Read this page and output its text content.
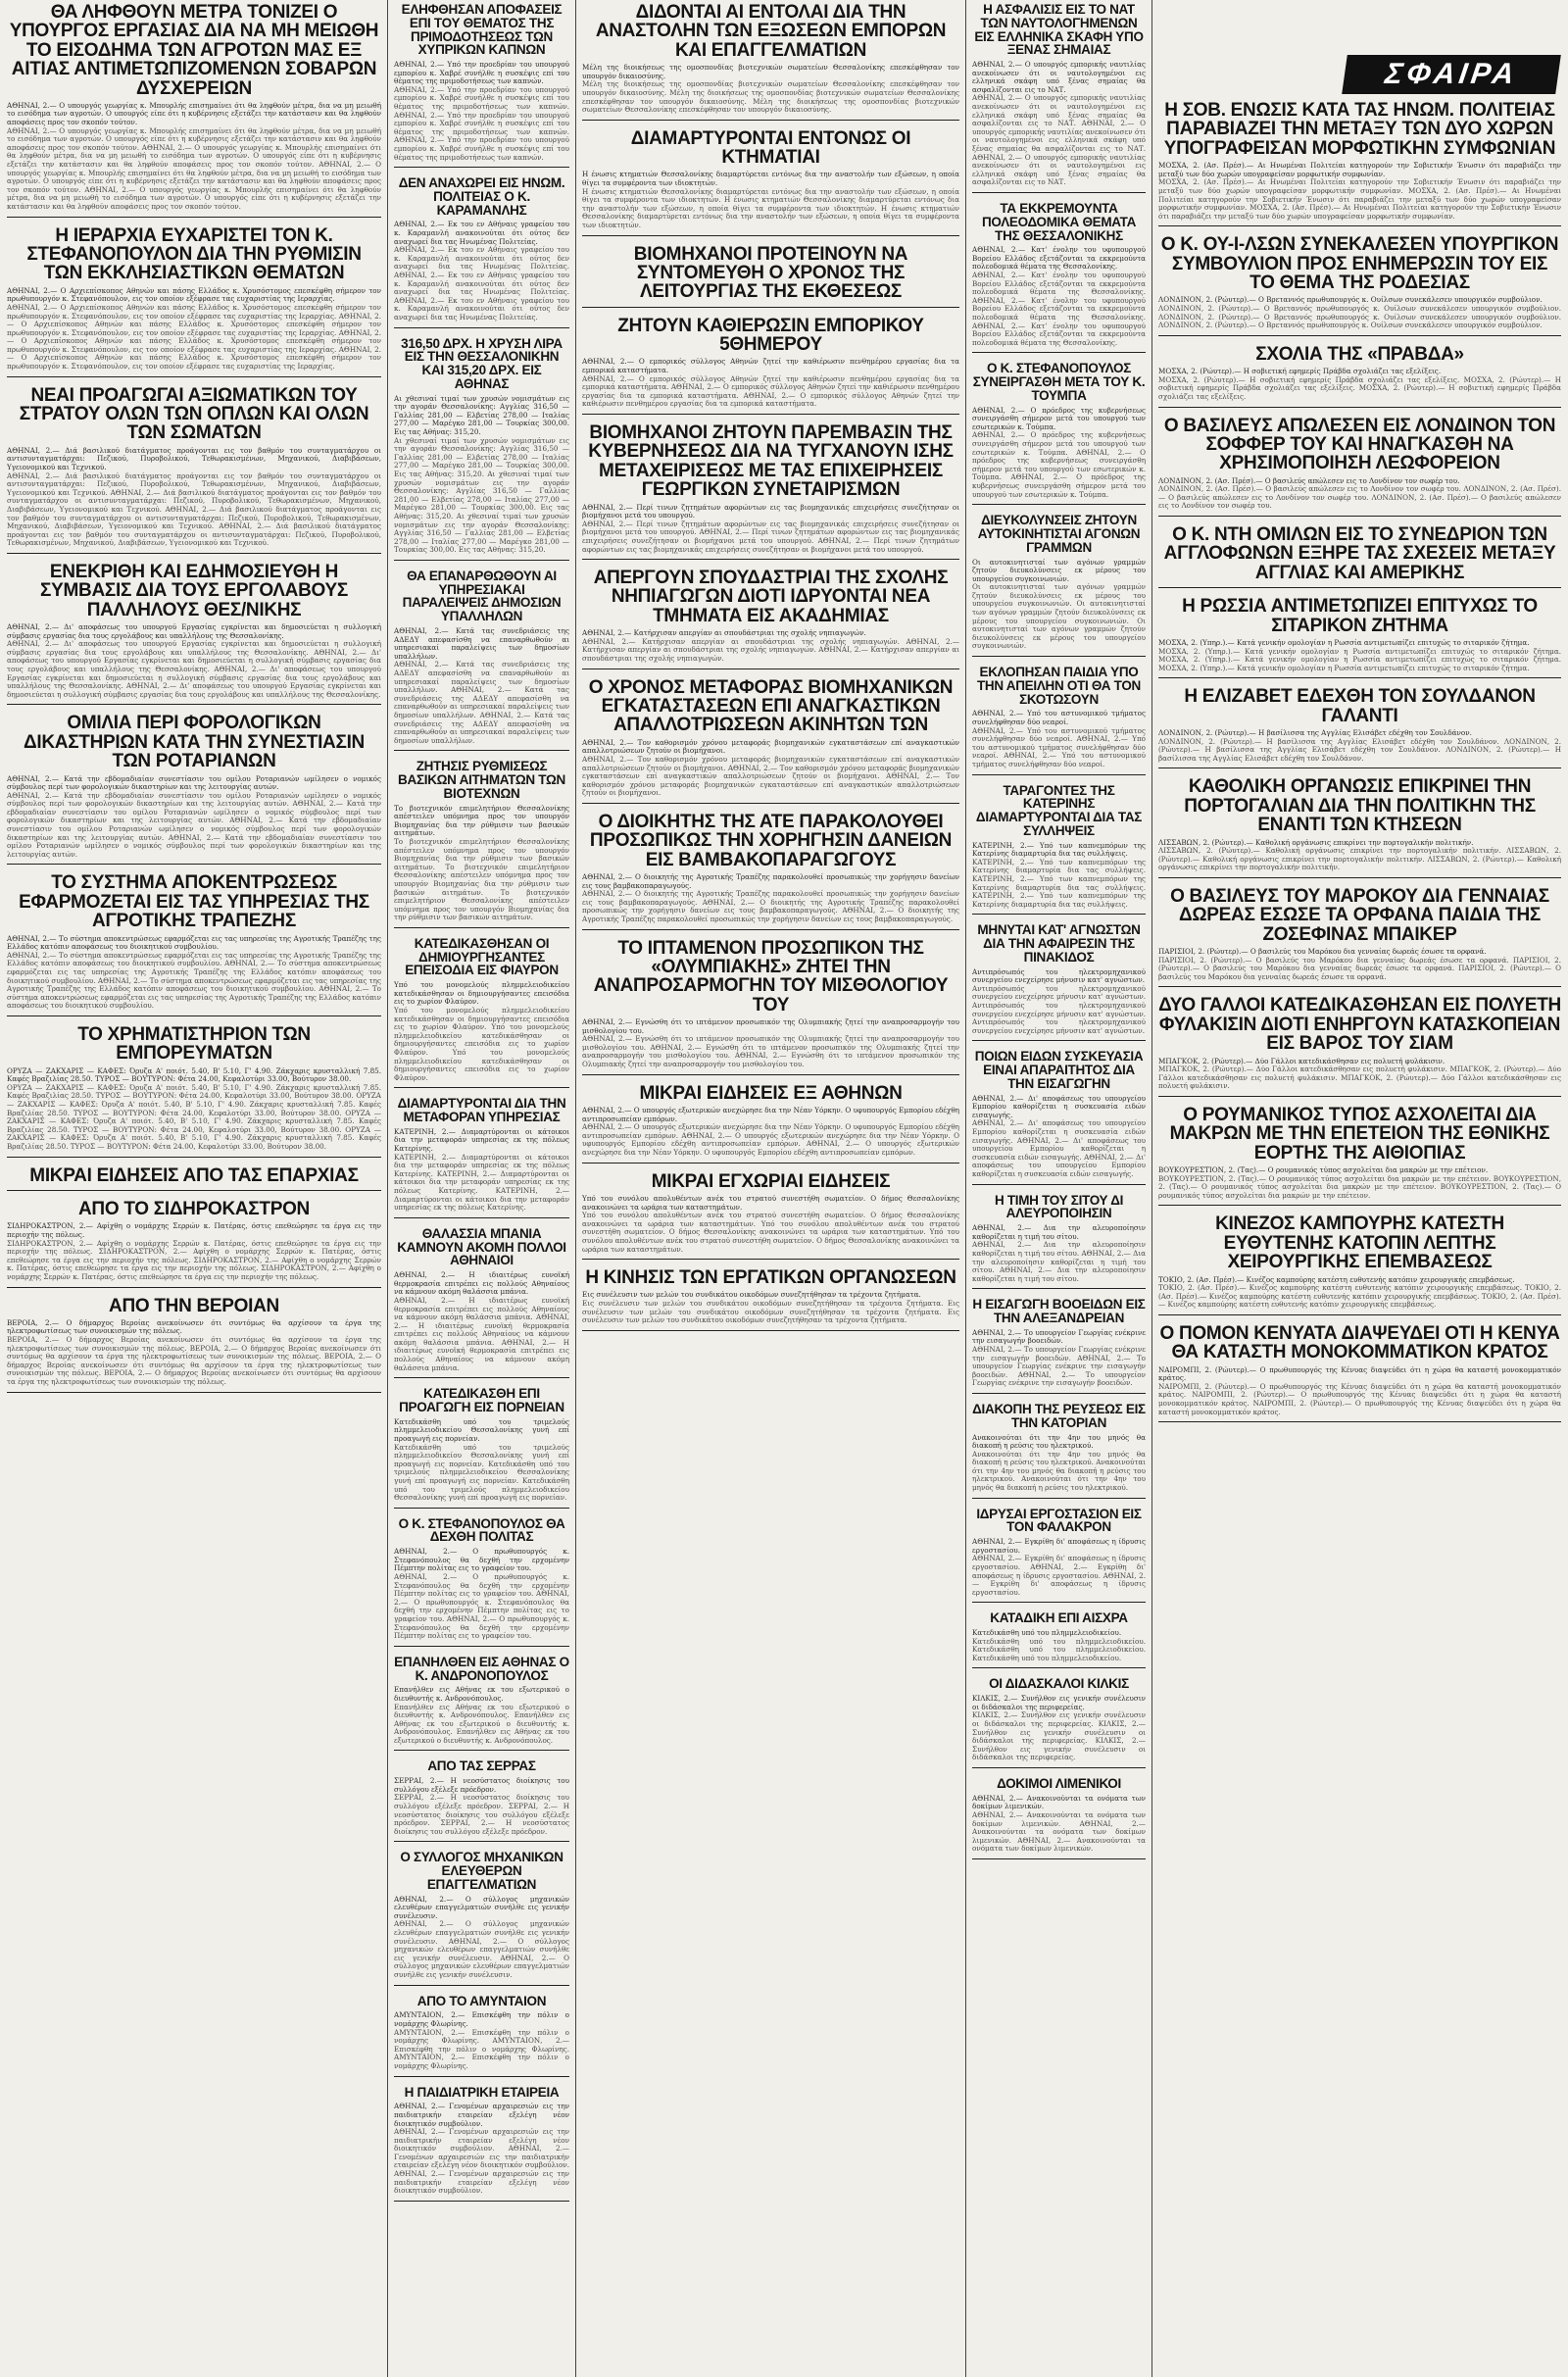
ΣΦΑΙΡΑ
ΘΑ ΛΗΦΘΟΥΝ ΜΕΤΡΑ ΤΟΝΙΖΕΙ Ο ΥΠΟΥΡΓΟΣ ΕΡΓΑΣΙΑΣ ΔΙΑ ΝΑ ΜΗ ΜΕΙΩΘΗ ΤΟ ΕΙΣΟΔΗΜΑ ΤΩΝ ΑΓΡΟΤΩΝ ΜΑΣ ΕΞ ΑΙΤΙΑΣ ΑΝΤΙΜΕΤΩΠΙΖΟΜΕΝΩΝ ΣΟΒΑΡΩΝ ΔΥΣΧΕΡΕΙΩΝ
ΑΘΗΝΑΙ, 2.— Ο υπουργός γεωργίας κ. Μπουρλής επισημαίνει ότι θα ληφθούν μέτρα, δια να μη μειωθή το εισόδημα των αγροτών. Ο υπουργός είπε ότι η κυβέρνησις εξετάζει την κατάστασιν και θα ληφθούν αποφάσεις προς τον σκοπόν τούτον.
ΑΘΗΝΑΙ, 2.— Ο υπουργός γεωργίας κ. Μπουρλής επισημαίνει ότι θα ληφθούν μέτρα, δια να μη μειωθή το εισόδημα των αγροτών. Ο υπουργός είπε ότι η κυβέρνησις εξετάζει την κατάστασιν και θα ληφθούν αποφάσεις προς τον σκοπόν τούτον. ΑΘΗΝΑΙ, 2.— Ο υπουργός γεωργίας κ. Μπουρλής επισημαίνει ότι θα ληφθούν μέτρα, δια να μη μειωθή το εισόδημα των αγροτών. Ο υπουργός είπε ότι η κυβέρνησις εξετάζει την κατάστασιν και θα ληφθούν αποφάσεις προς τον σκοπόν τούτον. ΑΘΗΝΑΙ, 2.— Ο υπουργός γεωργίας κ. Μπουρλής επισημαίνει ότι θα ληφθούν μέτρα, δια να μη μειωθή το εισόδημα των αγροτών. Ο υπουργός είπε ότι η κυβέρνησις εξετάζει την κατάστασιν και θα ληφθούν αποφάσεις προς τον σκοπόν τούτον. ΑΘΗΝΑΙ, 2.— Ο υπουργός γεωργίας κ. Μπουρλής επισημαίνει ότι θα ληφθούν μέτρα, δια να μη μειωθή το εισόδημα των αγροτών. Ο υπουργός είπε ότι η κυβέρνησις εξετάζει την κατάστασιν και θα ληφθούν αποφάσεις προς τον σκοπόν τούτον.
Η ΙΕΡΑΡΧΙΑ ΕΥΧΑΡΙΣΤΕΙ ΤΟΝ Κ. ΣΤΕΦΑΝΟΠΟΥΛΟΝ ΔΙΑ ΤΗΝ ΡΥΘΜΙΣΙΝ ΤΩΝ ΕΚΚΛΗΣΙΑΣΤΙΚΩΝ ΘΕΜΑΤΩΝ
ΑΘΗΝΑΙ, 2.— Ο Αρχιεπίσκοπος Αθηνών και πάσης Ελλάδος κ. Χρυσόστομος επεσκέφθη σήμερον τον πρωθυπουργόν κ. Στεφανόπουλον, εις τον οποίον εξέφρασε τας ευχαριστίας της Ιεραρχίας.
ΑΘΗΝΑΙ, 2.— Ο Αρχιεπίσκοπος Αθηνών και πάσης Ελλάδος κ. Χρυσόστομος επεσκέφθη σήμερον τον πρωθυπουργόν κ. Στεφανόπουλον, εις τον οποίον εξέφρασε τας ευχαριστίας της Ιεραρχίας. ΑΘΗΝΑΙ, 2.— Ο Αρχιεπίσκοπος Αθηνών και πάσης Ελλάδος κ. Χρυσόστομος επεσκέφθη σήμερον τον πρωθυπουργόν κ. Στεφανόπουλον, εις τον οποίον εξέφρασε τας ευχαριστίας της Ιεραρχίας. ΑΘΗΝΑΙ, 2.— Ο Αρχιεπίσκοπος Αθηνών και πάσης Ελλάδος κ. Χρυσόστομος επεσκέφθη σήμερον τον πρωθυπουργόν κ. Στεφανόπουλον, εις τον οποίον εξέφρασε τας ευχαριστίας της Ιεραρχίας. ΑΘΗΝΑΙ, 2.— Ο Αρχιεπίσκοπος Αθηνών και πάσης Ελλάδος κ. Χρυσόστομος επεσκέφθη σήμερον τον πρωθυπουργόν κ. Στεφανόπουλον, εις τον οποίον εξέφρασε τας ευχαριστίας της Ιεραρχίας.
ΝΕΑΙ ΠΡΟΑΓΩΓΑΙ ΑΞΙΩΜΑΤΙΚΩΝ ΤΟΥ ΣΤΡΑΤΟΥ ΟΛΩΝ ΤΩΝ ΟΠΛΩΝ ΚΑΙ ΟΛΩΝ ΤΩΝ ΣΩΜΑΤΩΝ
ΑΘΗΝΑΙ, 2.— Διά βασιλικού διατάγματος προάγονται εις τον βαθμόν του συνταγματάρχου οι αντισυνταγματάρχαι: Πεζικού, Πυροβολικού, Τεθωρακισμένων, Μηχανικού, Διαβιβάσεων, Υγειονομικού και Τεχνικού.
ΑΘΗΝΑΙ, 2.— Διά βασιλικού διατάγματος προάγονται εις τον βαθμόν του συνταγματάρχου οι αντισυνταγματάρχαι: Πεζικού, Πυροβολικού, Τεθωρακισμένων, Μηχανικού, Διαβιβάσεων, Υγειονομικού και Τεχνικού. ΑΘΗΝΑΙ, 2.— Διά βασιλικού διατάγματος προάγονται εις τον βαθμόν του συνταγματάρχου οι αντισυνταγματάρχαι: Πεζικού, Πυροβολικού, Τεθωρακισμένων, Μηχανικού, Διαβιβάσεων, Υγειονομικού και Τεχνικού. ΑΘΗΝΑΙ, 2.— Διά βασιλικού διατάγματος προάγονται εις τον βαθμόν του συνταγματάρχου οι αντισυνταγματάρχαι: Πεζικού, Πυροβολικού, Τεθωρακισμένων, Μηχανικού, Διαβιβάσεων, Υγειονομικού και Τεχνικού. ΑΘΗΝΑΙ, 2.— Διά βασιλικού διατάγματος προάγονται εις τον βαθμόν του συνταγματάρχου οι αντισυνταγματάρχαι: Πεζικού, Πυροβολικού, Τεθωρακισμένων, Μηχανικού, Διαβιβάσεων, Υγειονομικού και Τεχνικού.
ΕΝΕΚΡΙΘΗ ΚΑΙ ΕΔΗΜΟΣΙΕΥΘΗ Η ΣΥΜΒΑΣΙΣ ΔΙΑ ΤΟΥΣ ΕΡΓΟΛΑΒΟΥΣ ΠΑΛΛΗΛΟΥΣ ΘΕΣ/ΝΙΚΗΣ
ΑΘΗΝΑΙ, 2.— Δι' αποφάσεως του υπουργού Εργασίας εγκρίνεται και δημοσιεύεται η συλλογική σύμβασις εργασίας δια τους εργολάβους και υπαλλήλους της Θεσσαλονίκης.
ΑΘΗΝΑΙ, 2.— Δι' αποφάσεως του υπουργού Εργασίας εγκρίνεται και δημοσιεύεται η συλλογική σύμβασις εργασίας δια τους εργολάβους και υπαλλήλους της Θεσσαλονίκης. ΑΘΗΝΑΙ, 2.— Δι' αποφάσεως του υπουργού Εργασίας εγκρίνεται και δημοσιεύεται η συλλογική σύμβασις εργασίας δια τους εργολάβους και υπαλλήλους της Θεσσαλονίκης. ΑΘΗΝΑΙ, 2.— Δι' αποφάσεως του υπουργού Εργασίας εγκρίνεται και δημοσιεύεται η συλλογική σύμβασις εργασίας δια τους εργολάβους και υπαλλήλους της Θεσσαλονίκης. ΑΘΗΝΑΙ, 2.— Δι' αποφάσεως του υπουργού Εργασίας εγκρίνεται και δημοσιεύεται η συλλογική σύμβασις εργασίας δια τους εργολάβους και υπαλλήλους της Θεσσαλονίκης.
ΟΜΙΛΙΑ ΠΕΡΙ ΦΟΡΟΛΟΓΙΚΩΝ ΔΙΚΑΣΤΗΡΙΩΝ ΚΑΤΑ ΤΗΝ ΣΥΝΕΣΤΙΑΣΙΝ ΤΩΝ ΡΟΤΑΡΙΑΝΩΝ
ΑΘΗΝΑΙ, 2.— Κατά την εβδομαδιαίαν συνεστίασιν του ομίλου Ροταριανών ωμίλησεν ο νομικός σύμβουλος περί των φορολογικών δικαστηρίων και της λειτουργίας αυτών.
ΑΘΗΝΑΙ, 2.— Κατά την εβδομαδιαίαν συνεστίασιν του ομίλου Ροταριανών ωμίλησεν ο νομικός σύμβουλος περί των φορολογικών δικαστηρίων και της λειτουργίας αυτών. ΑΘΗΝΑΙ, 2.— Κατά την εβδομαδιαίαν συνεστίασιν του ομίλου Ροταριανών ωμίλησεν ο νομικός σύμβουλος περί των φορολογικών δικαστηρίων και της λειτουργίας αυτών. ΑΘΗΝΑΙ, 2.— Κατά την εβδομαδιαίαν συνεστίασιν του ομίλου Ροταριανών ωμίλησεν ο νομικός σύμβουλος περί των φορολογικών δικαστηρίων και της λειτουργίας αυτών. ΑΘΗΝΑΙ, 2.— Κατά την εβδομαδιαίαν συνεστίασιν του ομίλου Ροταριανών ωμίλησεν ο νομικός σύμβουλος περί των φορολογικών δικαστηρίων και της λειτουργίας αυτών.
ΤΟ ΣΥΣΤΗΜΑ ΑΠΟΚΕΝΤΡΩΣΕΩΣ ΕΦΑΡΜΟΖΕΤΑΙ ΕΙΣ ΤΑΣ ΥΠΗΡΕΣΙΑΣ ΤΗΣ ΑΓΡΟΤΙΚΗΣ ΤΡΑΠΕΖΗΣ
ΑΘΗΝΑΙ, 2.— Το σύστημα αποκεντρώσεως εφαρμόζεται εις τας υπηρεσίας της Αγροτικής Τραπέζης της Ελλάδος κατόπιν αποφάσεως του διοικητικού συμβουλίου.
ΑΘΗΝΑΙ, 2.— Το σύστημα αποκεντρώσεως εφαρμόζεται εις τας υπηρεσίας της Αγροτικής Τραπέζης της Ελλάδος κατόπιν αποφάσεως του διοικητικού συμβουλίου. ΑΘΗΝΑΙ, 2.— Το σύστημα αποκεντρώσεως εφαρμόζεται εις τας υπηρεσίας της Αγροτικής Τραπέζης της Ελλάδος κατόπιν αποφάσεως του διοικητικού συμβουλίου. ΑΘΗΝΑΙ, 2.— Το σύστημα αποκεντρώσεως εφαρμόζεται εις τας υπηρεσίας της Αγροτικής Τραπέζης της Ελλάδος κατόπιν αποφάσεως του διοικητικού συμβουλίου. ΑΘΗΝΑΙ, 2.— Το σύστημα αποκεντρώσεως εφαρμόζεται εις τας υπηρεσίας της Αγροτικής Τραπέζης της Ελλάδος κατόπιν αποφάσεως του διοικητικού συμβουλίου.
ΤΟ ΧΡΗΜΑΤΙΣΤΗΡΙΟΝ ΤΩΝ ΕΜΠΟΡΕΥΜΑΤΩΝ
ΟΡΥΖΑ — ΖΑΚΧΑΡΙΣ — ΚΑΦΕΣ: Όρυζα Α' ποιότ. 5.40, Β' 5.10, Γ' 4.90. Ζάκχαρις κρυσταλλική 7.85. Καφές Βραζιλίας 28.50. ΤΥΡΟΣ — ΒΟΥΤΥΡΟΝ: Φέτα 24.00, Κεφαλοτύρι 33.00, Βούτυρον 38.00.
ΟΡΥΖΑ — ΖΑΚΧΑΡΙΣ — ΚΑΦΕΣ: Όρυζα Α' ποιότ. 5.40, Β' 5.10, Γ' 4.90. Ζάκχαρις κρυσταλλική 7.85. Καφές Βραζιλίας 28.50. ΤΥΡΟΣ — ΒΟΥΤΥΡΟΝ: Φέτα 24.00, Κεφαλοτύρι 33.00, Βούτυρον 38.00. ΟΡΥΖΑ — ΖΑΚΧΑΡΙΣ — ΚΑΦΕΣ: Όρυζα Α' ποιότ. 5.40, Β' 5.10, Γ' 4.90. Ζάκχαρις κρυσταλλική 7.85. Καφές Βραζιλίας 28.50. ΤΥΡΟΣ — ΒΟΥΤΥΡΟΝ: Φέτα 24.00, Κεφαλοτύρι 33.00, Βούτυρον 38.00. ΟΡΥΖΑ — ΖΑΚΧΑΡΙΣ — ΚΑΦΕΣ: Όρυζα Α' ποιότ. 5.40, Β' 5.10, Γ' 4.90. Ζάκχαρις κρυσταλλική 7.85. Καφές Βραζιλίας 28.50. ΤΥΡΟΣ — ΒΟΥΤΥΡΟΝ: Φέτα 24.00, Κεφαλοτύρι 33.00, Βούτυρον 38.00. ΟΡΥΖΑ — ΖΑΚΧΑΡΙΣ — ΚΑΦΕΣ: Όρυζα Α' ποιότ. 5.40, Β' 5.10, Γ' 4.90. Ζάκχαρις κρυσταλλική 7.85. Καφές Βραζιλίας 28.50. ΤΥΡΟΣ — ΒΟΥΤΥΡΟΝ: Φέτα 24.00, Κεφαλοτύρι 33.00, Βούτυρον 38.00.
ΜΙΚΡΑΙ ΕΙΔΗΣΕΙΣ ΑΠΟ ΤΑΣ ΕΠΑΡΧΙΑΣ
ΑΠΟ ΤΟ ΣΙΔΗΡΟΚΑΣΤΡΟΝ
ΣΙΔΗΡΟΚΑΣΤΡΟΝ, 2.— Αφίχθη ο νομάρχης Σερρών κ. Πατέρας, όστις επεθεώρησε τα έργα εις την περιοχήν της πόλεως.
ΣΙΔΗΡΟΚΑΣΤΡΟΝ, 2.— Αφίχθη ο νομάρχης Σερρών κ. Πατέρας, όστις επεθεώρησε τα έργα εις την περιοχήν της πόλεως. ΣΙΔΗΡΟΚΑΣΤΡΟΝ, 2.— Αφίχθη ο νομάρχης Σερρών κ. Πατέρας, όστις επεθεώρησε τα έργα εις την περιοχήν της πόλεως. ΣΙΔΗΡΟΚΑΣΤΡΟΝ, 2.— Αφίχθη ο νομάρχης Σερρών κ. Πατέρας, όστις επεθεώρησε τα έργα εις την περιοχήν της πόλεως. ΣΙΔΗΡΟΚΑΣΤΡΟΝ, 2.— Αφίχθη ο νομάρχης Σερρών κ. Πατέρας, όστις επεθεώρησε τα έργα εις την περιοχήν της πόλεως.
ΑΠΟ ΤΗΝ ΒΕΡΟΙΑΝ
ΒΕΡΟΙΑ, 2.— Ο δήμαρχος Βεροίας ανεκοίνωσεν ότι συντόμως θα αρχίσουν τα έργα της ηλεκτροφωτίσεως των συνοικισμών της πόλεως.
ΒΕΡΟΙΑ, 2.— Ο δήμαρχος Βεροίας ανεκοίνωσεν ότι συντόμως θα αρχίσουν τα έργα της ηλεκτροφωτίσεως των συνοικισμών της πόλεως. ΒΕΡΟΙΑ, 2.— Ο δήμαρχος Βεροίας ανεκοίνωσεν ότι συντόμως θα αρχίσουν τα έργα της ηλεκτροφωτίσεως των συνοικισμών της πόλεως. ΒΕΡΟΙΑ, 2.— Ο δήμαρχος Βεροίας ανεκοίνωσεν ότι συντόμως θα αρχίσουν τα έργα της ηλεκτροφωτίσεως των συνοικισμών της πόλεως. ΒΕΡΟΙΑ, 2.— Ο δήμαρχος Βεροίας ανεκοίνωσεν ότι συντόμως θα αρχίσουν τα έργα της ηλεκτροφωτίσεως των συνοικισμών της πόλεως.
ΕΛΗΦΘΗΣΑΝ ΑΠΟΦΑΣΕΙΣ ΕΠΙ ΤΟΥ ΘΕΜΑΤΟΣ ΤΗΣ ΠΡΙΜΟΔΟΤΗΣΕΩΣ ΤΩΝ ΧΥΠΡΙΚΩΝ ΚΑΠΝΩΝ
ΑΘΗΝΑΙ, 2.— Υπό την προεδρίαν του υπουργού εμπορίου κ. Χαβρέ συνήλθε η συσκέψις επί του θέματος της πριμοδοτήσεως των καπνών.
ΑΘΗΝΑΙ, 2.— Υπό την προεδρίαν του υπουργού εμπορίου κ. Χαβρέ συνήλθε η συσκέψις επί του θέματος της πριμοδοτήσεως των καπνών. ΑΘΗΝΑΙ, 2.— Υπό την προεδρίαν του υπουργού εμπορίου κ. Χαβρέ συνήλθε η συσκέψις επί του θέματος της πριμοδοτήσεως των καπνών. ΑΘΗΝΑΙ, 2.— Υπό την προεδρίαν του υπουργού εμπορίου κ. Χαβρέ συνήλθε η συσκέψις επί του θέματος της πριμοδοτήσεως των καπνών.
ΔΕΝ ΑΝΑΧΩΡΕΙ ΕΙΣ ΗΝΩΜ. ΠΟΛΙΤΕΙΑΣ Ο Κ. ΚΑΡΑΜΑΝΛΗΣ
ΑΘΗΝΑΙ, 2.— Εκ του εν Αθήναις γραφείου του κ. Καραμανλή ανακοινούται ότι ούτος δεν αναχωρεί δια τας Ηνωμένας Πολιτείας.
ΑΘΗΝΑΙ, 2.— Εκ του εν Αθήναις γραφείου του κ. Καραμανλή ανακοινούται ότι ούτος δεν αναχωρεί δια τας Ηνωμένας Πολιτείας. ΑΘΗΝΑΙ, 2.— Εκ του εν Αθήναις γραφείου του κ. Καραμανλή ανακοινούται ότι ούτος δεν αναχωρεί δια τας Ηνωμένας Πολιτείας. ΑΘΗΝΑΙ, 2.— Εκ του εν Αθήναις γραφείου του κ. Καραμανλή ανακοινούται ότι ούτος δεν αναχωρεί δια τας Ηνωμένας Πολιτείας.
316,50 ΔΡΧ. Η ΧΡΥΣΗ ΛΙΡΑ ΕΙΣ ΤΗΝ ΘΕΣΣΑΛΟΝΙΚΗΝ ΚΑΙ 315,20 ΔΡΧ. ΕΙΣ ΑΘΗΝΑΣ
Αι χθεσιναί τιμαί των χρυσών νομισμάτων εις την αγοράν Θεσσαλονίκης: Αγγλίας 316,50 — Γαλλίας 281,00 — Ελβετίας 278,00 — Ιταλίας 277,00 — Μαρέγκο 281,00 — Τουρκίας 300,00. Εις τας Αθήνας: 315,20.
Αι χθεσιναί τιμαί των χρυσών νομισμάτων εις την αγοράν Θεσσαλονίκης: Αγγλίας 316,50 — Γαλλίας 281,00 — Ελβετίας 278,00 — Ιταλίας 277,00 — Μαρέγκο 281,00 — Τουρκίας 300,00. Εις τας Αθήνας: 315,20. Αι χθεσιναί τιμαί των χρυσών νομισμάτων εις την αγοράν Θεσσαλονίκης: Αγγλίας 316,50 — Γαλλίας 281,00 — Ελβετίας 278,00 — Ιταλίας 277,00 — Μαρέγκο 281,00 — Τουρκίας 300,00. Εις τας Αθήνας: 315,20. Αι χθεσιναί τιμαί των χρυσών νομισμάτων εις την αγοράν Θεσσαλονίκης: Αγγλίας 316,50 — Γαλλίας 281,00 — Ελβετίας 278,00 — Ιταλίας 277,00 — Μαρέγκο 281,00 — Τουρκίας 300,00. Εις τας Αθήνας: 315,20.
ΘΑ ΕΠΑΝΑΡΘΩΘΟΥΝ ΑΙ ΥΠΗΡΕΣΙΑΚΑΙ ΠΑΡΑΛΕΙΨΕΙΣ ΔΗΜΟΣΙΩΝ ΥΠΑΛΛΗΛΩΝ
ΑΘΗΝΑΙ, 2.— Κατά τας συνεδριάσεις της ΑΔΕΔΥ απεφασίσθη να επαναρθωθούν αι υπηρεσιακαί παραλείψεις των δημοσίων υπαλλήλων.
ΑΘΗΝΑΙ, 2.— Κατά τας συνεδριάσεις της ΑΔΕΔΥ απεφασίσθη να επαναρθωθούν αι υπηρεσιακαί παραλείψεις των δημοσίων υπαλλήλων. ΑΘΗΝΑΙ, 2.— Κατά τας συνεδριάσεις της ΑΔΕΔΥ απεφασίσθη να επαναρθωθούν αι υπηρεσιακαί παραλείψεις των δημοσίων υπαλλήλων. ΑΘΗΝΑΙ, 2.— Κατά τας συνεδριάσεις της ΑΔΕΔΥ απεφασίσθη να επαναρθωθούν αι υπηρεσιακαί παραλείψεις των δημοσίων υπαλλήλων.
ΖΗΤΗΣΙΣ ΡΥΘΜΙΣΕΩΣ ΒΑΣΙΚΩΝ ΑΙΤΗΜΑΤΩΝ ΤΩΝ ΒΙΟΤΕΧΝΩΝ
Το βιοτεχνικόν επιμελητήριον Θεσσαλονίκης απέστειλεν υπόμνημα προς τον υπουργόν Βιομηχανίας δια την ρύθμισιν των βασικών αιτημάτων.
Το βιοτεχνικόν επιμελητήριον Θεσσαλονίκης απέστειλεν υπόμνημα προς τον υπουργόν Βιομηχανίας δια την ρύθμισιν των βασικών αιτημάτων. Το βιοτεχνικόν επιμελητήριον Θεσσαλονίκης απέστειλεν υπόμνημα προς τον υπουργόν Βιομηχανίας δια την ρύθμισιν των βασικών αιτημάτων. Το βιοτεχνικόν επιμελητήριον Θεσσαλονίκης απέστειλεν υπόμνημα προς τον υπουργόν Βιομηχανίας δια την ρύθμισιν των βασικών αιτημάτων.
ΚΑΤΕΔΙΚΑΣΘΗΣΑΝ ΟΙ ΔΗΜΙΟΥΡΓΗΣΑΝΤΕΣ ΕΠΕΙΣΟΔΙΑ ΕΙΣ ΦΙΑΥΡΟΝ
Υπό του μονομελούς πλημμελειοδικείου κατεδικάσθησαν οι δημιουργήσαντες επεισόδια εις το χωρίον Φλαύρον.
Υπό του μονομελούς πλημμελειοδικείου κατεδικάσθησαν οι δημιουργήσαντες επεισόδια εις το χωρίον Φλαύρον. Υπό του μονομελούς πλημμελειοδικείου κατεδικάσθησαν οι δημιουργήσαντες επεισόδια εις το χωρίον Φλαύρον. Υπό του μονομελούς πλημμελειοδικείου κατεδικάσθησαν οι δημιουργήσαντες επεισόδια εις το χωρίον Φλαύρον.
ΔΙΑΜΑΡΤΥΡΟΝΤΑΙ ΔΙΑ ΤΗΝ ΜΕΤΑΦΟΡΑΝ ΥΠΗΡΕΣΙΑΣ
ΚΑΤΕΡΙΝΗ, 2.— Διαμαρτύρονται οι κάτοικοι δια την μεταφοράν υπηρεσίας εκ της πόλεως Κατερίνης.
ΚΑΤΕΡΙΝΗ, 2.— Διαμαρτύρονται οι κάτοικοι δια την μεταφοράν υπηρεσίας εκ της πόλεως Κατερίνης. ΚΑΤΕΡΙΝΗ, 2.— Διαμαρτύρονται οι κάτοικοι δια την μεταφοράν υπηρεσίας εκ της πόλεως Κατερίνης. ΚΑΤΕΡΙΝΗ, 2.— Διαμαρτύρονται οι κάτοικοι δια την μεταφοράν υπηρεσίας εκ της πόλεως Κατερίνης.
ΘΑΛΑΣΣΙΑ ΜΠΑΝΙΑ ΚΑΜΝΟΥΝ ΑΚΟΜΗ ΠΟΛΛΟΙ ΑΘΗΝΑΙΟΙ
ΑΘΗΝΑΙ, 2.— Η ιδιαιτέρως ευνοϊκή θερμοκρασία επιτρέπει εις πολλούς Αθηναίους να κάμνουν ακόμη θαλάσσια μπάνια.
ΑΘΗΝΑΙ, 2.— Η ιδιαιτέρως ευνοϊκή θερμοκρασία επιτρέπει εις πολλούς Αθηναίους να κάμνουν ακόμη θαλάσσια μπάνια. ΑΘΗΝΑΙ, 2.— Η ιδιαιτέρως ευνοϊκή θερμοκρασία επιτρέπει εις πολλούς Αθηναίους να κάμνουν ακόμη θαλάσσια μπάνια. ΑΘΗΝΑΙ, 2.— Η ιδιαιτέρως ευνοϊκή θερμοκρασία επιτρέπει εις πολλούς Αθηναίους να κάμνουν ακόμη θαλάσσια μπάνια.
ΚΑΤΕΔΙΚΑΣΘΗ ΕΠΙ ΠΡΟΑΓΩΓΗ ΕΙΣ ΠΟΡΝΕΙΑΝ
Κατεδικάσθη υπό του τριμελούς πλημμελειοδικείου Θεσσαλονίκης γυνή επί προαγωγή εις πορνείαν.
Κατεδικάσθη υπό του τριμελούς πλημμελειοδικείου Θεσσαλονίκης γυνή επί προαγωγή εις πορνείαν. Κατεδικάσθη υπό του τριμελούς πλημμελειοδικείου Θεσσαλονίκης γυνή επί προαγωγή εις πορνείαν. Κατεδικάσθη υπό του τριμελούς πλημμελειοδικείου Θεσσαλονίκης γυνή επί προαγωγή εις πορνείαν.
Ο Κ. ΣΤΕΦΑΝΟΠΟΥΛΟΣ ΘΑ ΔΕΧΘΗ ΠΟΛΙΤΑΣ
ΑΘΗΝΑΙ, 2.— Ο πρωθυπουργός κ. Στεφανόπουλος θα δεχθή την ερχομένην Πέμπτην πολίτας εις το γραφείον του.
ΑΘΗΝΑΙ, 2.— Ο πρωθυπουργός κ. Στεφανόπουλος θα δεχθή την ερχομένην Πέμπτην πολίτας εις το γραφείον του. ΑΘΗΝΑΙ, 2.— Ο πρωθυπουργός κ. Στεφανόπουλος θα δεχθή την ερχομένην Πέμπτην πολίτας εις το γραφείον του. ΑΘΗΝΑΙ, 2.— Ο πρωθυπουργός κ. Στεφανόπουλος θα δεχθή την ερχομένην Πέμπτην πολίτας εις το γραφείον του.
ΕΠΑΝΗΛΘΕΝ ΕΙΣ ΑΘΗΝΑΣ Ο Κ. ΑΝΔΡΟΝΟΠΟΥΛΟΣ
Επανήλθεν εις Αθήνας εκ του εξωτερικού ο διευθυντής κ. Ανδρονόπουλος.
Επανήλθεν εις Αθήνας εκ του εξωτερικού ο διευθυντής κ. Ανδρονόπουλος. Επανήλθεν εις Αθήνας εκ του εξωτερικού ο διευθυντής κ. Ανδρονόπουλος. Επανήλθεν εις Αθήνας εκ του εξωτερικού ο διευθυντής κ. Ανδρονόπουλος.
ΑΠΟ ΤΑΣ ΣΕΡΡΑΣ
ΣΕΡΡΑΙ, 2.— Η νεοσύστατος διοίκησις του συλλόγου εξέλεξε πρόεδρον.
ΣΕΡΡΑΙ, 2.— Η νεοσύστατος διοίκησις του συλλόγου εξέλεξε πρόεδρον. ΣΕΡΡΑΙ, 2.— Η νεοσύστατος διοίκησις του συλλόγου εξέλεξε πρόεδρον. ΣΕΡΡΑΙ, 2.— Η νεοσύστατος διοίκησις του συλλόγου εξέλεξε πρόεδρον.
Ο ΣΥΛΛΟΓΟΣ ΜΗΧΑΝΙΚΩΝ ΕΛΕΥΘΕΡΩΝ ΕΠΑΓΓΕΛΜΑΤΙΩΝ
ΑΘΗΝΑΙ, 2.— Ο σύλλογος μηχανικών ελευθέρων επαγγελματιών συνήλθε εις γενικήν συνέλευσιν.
ΑΘΗΝΑΙ, 2.— Ο σύλλογος μηχανικών ελευθέρων επαγγελματιών συνήλθε εις γενικήν συνέλευσιν. ΑΘΗΝΑΙ, 2.— Ο σύλλογος μηχανικών ελευθέρων επαγγελματιών συνήλθε εις γενικήν συνέλευσιν. ΑΘΗΝΑΙ, 2.— Ο σύλλογος μηχανικών ελευθέρων επαγγελματιών συνήλθε εις γενικήν συνέλευσιν.
ΑΠΟ ΤΟ ΑΜΥΝΤΑΙΟΝ
ΑΜΥΝΤΑΙΟΝ, 2.— Επισκέφθη την πόλιν ο νομάρχης Φλωρίνης.
ΑΜΥΝΤΑΙΟΝ, 2.— Επισκέφθη την πόλιν ο νομάρχης Φλωρίνης. ΑΜΥΝΤΑΙΟΝ, 2.— Επισκέφθη την πόλιν ο νομάρχης Φλωρίνης. ΑΜΥΝΤΑΙΟΝ, 2.— Επισκέφθη την πόλιν ο νομάρχης Φλωρίνης.
Η ΠΑΙΔΙΑΤΡΙΚΗ ΕΤΑΙΡΕΙΑ
ΑΘΗΝΑΙ, 2.— Γενομένων αρχαιρεσιών εις την παιδιατρικήν εταιρείαν εξελέγη νέον διοικητικόν συμβούλιον.
ΑΘΗΝΑΙ, 2.— Γενομένων αρχαιρεσιών εις την παιδιατρικήν εταιρείαν εξελέγη νέον διοικητικόν συμβούλιον. ΑΘΗΝΑΙ, 2.— Γενομένων αρχαιρεσιών εις την παιδιατρικήν εταιρείαν εξελέγη νέον διοικητικόν συμβούλιον. ΑΘΗΝΑΙ, 2.— Γενομένων αρχαιρεσιών εις την παιδιατρικήν εταιρείαν εξελέγη νέον διοικητικόν συμβούλιον.
ΔΙΔΟΝΤΑΙ ΑΙ ΕΝΤΟΛΑΙ ΔΙΑ ΤΗΝ ΑΝΑΣΤΟΛΗΝ ΤΩΝ ΕΞΩΣΕΩΝ ΕΜΠΟΡΩΝ ΚΑΙ ΕΠΑΓΓΕΛΜΑΤΙΩΝ
Μέλη της διοικήσεως της ομοσπονδίας βιοτεχνικών σωματείων Θεσσαλονίκης επεσκέφθησαν τον υπουργόν δικαιοσύνης.
Μέλη της διοικήσεως της ομοσπονδίας βιοτεχνικών σωματείων Θεσσαλονίκης επεσκέφθησαν τον υπουργόν δικαιοσύνης. Μέλη της διοικήσεως της ομοσπονδίας βιοτεχνικών σωματείων Θεσσαλονίκης επεσκέφθησαν τον υπουργόν δικαιοσύνης. Μέλη της διοικήσεως της ομοσπονδίας βιοτεχνικών σωματείων Θεσσαλονίκης επεσκέφθησαν τον υπουργόν δικαιοσύνης.
ΔΙΑΜΑΡΤΥΡΟΝΤΑΙ ΕΝΤΟΝΩΣ ΟΙ ΚΤΗΜΑΤΙΑΙ
Η ένωσις κτηματιών Θεσσαλονίκης διαμαρτύρεται εντόνως δια την αναστολήν των εξώσεων, η οποία θίγει τα συμφέροντα των ιδιοκτητών.
Η ένωσις κτηματιών Θεσσαλονίκης διαμαρτύρεται εντόνως δια την αναστολήν των εξώσεων, η οποία θίγει τα συμφέροντα των ιδιοκτητών. Η ένωσις κτηματιών Θεσσαλονίκης διαμαρτύρεται εντόνως δια την αναστολήν των εξώσεων, η οποία θίγει τα συμφέροντα των ιδιοκτητών. Η ένωσις κτηματιών Θεσσαλονίκης διαμαρτύρεται εντόνως δια την αναστολήν των εξώσεων, η οποία θίγει τα συμφέροντα των ιδιοκτητών.
ΒΙΟΜΗΧΑΝΟΙ ΠΡΟΤΕΙΝΟΥΝ ΝΑ ΣΥΝΤΟΜΕΥΘΗ Ο ΧΡΟΝΟΣ ΤΗΣ ΛΕΙΤΟΥΡΓΙΑΣ ΤΗΣ ΕΚΘΕΣΕΩΣ
ΖΗΤΟΥΝ ΚΑΘΙΕΡΩΣΙΝ ΕΜΠΟΡΙΚΟΥ 5ΘΗΜΕΡΟΥ
ΑΘΗΝΑΙ, 2.— Ο εμπορικός σύλλογος Αθηνών ζητεί την καθιέρωσιν πενθημέρου εργασίας δια τα εμπορικά καταστήματα.
ΑΘΗΝΑΙ, 2.— Ο εμπορικός σύλλογος Αθηνών ζητεί την καθιέρωσιν πενθημέρου εργασίας δια τα εμπορικά καταστήματα. ΑΘΗΝΑΙ, 2.— Ο εμπορικός σύλλογος Αθηνών ζητεί την καθιέρωσιν πενθημέρου εργασίας δια τα εμπορικά καταστήματα. ΑΘΗΝΑΙ, 2.— Ο εμπορικός σύλλογος Αθηνών ζητεί την καθιέρωσιν πενθημέρου εργασίας δια τα εμπορικά καταστήματα.
ΒΙΟΜΗΧΑΝΟΙ ΖΗΤΟΥΝ ΠΑΡΕΜΒΑΣΙΝ ΤΗΣ ΚΥΒΕΡΝΗΣΕΩΣ ΔΙΑ ΝΑ ΤΥΓΧΑΝΟΥΝ ΙΣΗΣ ΜΕΤΑΧΕΙΡΙΣΕΩΣ ΜΕ ΤΑΣ ΕΠΙΧΕΙΡΗΣΕΙΣ ΓΕΩΡΓΙΚΩΝ ΣΥΝΕΤΑΙΡΙΣΜΩΝ
ΑΘΗΝΑΙ, 2.— Περί τινων ζητημάτων αφορώντων εις τας βιομηχανικάς επιχειρήσεις συνεζήτησαν οι βιομήχανοι μετά του υπουργού.
ΑΘΗΝΑΙ, 2.— Περί τινων ζητημάτων αφορώντων εις τας βιομηχανικάς επιχειρήσεις συνεζήτησαν οι βιομήχανοι μετά του υπουργού. ΑΘΗΝΑΙ, 2.— Περί τινων ζητημάτων αφορώντων εις τας βιομηχανικάς επιχειρήσεις συνεζήτησαν οι βιομήχανοι μετά του υπουργού. ΑΘΗΝΑΙ, 2.— Περί τινων ζητημάτων αφορώντων εις τας βιομηχανικάς επιχειρήσεις συνεζήτησαν οι βιομήχανοι μετά του υπουργού.
ΑΠΕΡΓΟΥΝ ΣΠΟΥΔΑΣΤΡΙΑΙ ΤΗΣ ΣΧΟΛΗΣ ΝΗΠΙΑΓΩΓΩΝ ΔΙΟΤΙ ΙΔΡΥΟΝΤΑΙ ΝΕΑ ΤΜΗΜΑΤΑ ΕΙΣ ΑΚΑΔΗΜΙΑΣ
ΑΘΗΝΑΙ, 2.— Κατήρχισαν απεργίαν αι σπουδάστριαι της σχολής νηπιαγωγών.
ΑΘΗΝΑΙ, 2.— Κατήρχισαν απεργίαν αι σπουδάστριαι της σχολής νηπιαγωγών. ΑΘΗΝΑΙ, 2.— Κατήρχισαν απεργίαν αι σπουδάστριαι της σχολής νηπιαγωγών. ΑΘΗΝΑΙ, 2.— Κατήρχισαν απεργίαν αι σπουδάστριαι της σχολής νηπιαγωγών.
Ο ΧΡΟΝΟΣ ΜΕΤΑΦΟΡΑΣ ΒΙΟΜΗΧΑΝΙΚΩΝ ΕΓΚΑΤΑΣΤΑΣΕΩΝ ΕΠΙ ΑΝΑΓΚΑΣΤΙΚΩΝ ΑΠΑΛΛΟΤΡΙΩΣΕΩΝ ΑΚΙΝΗΤΩΝ ΤΩΝ
ΑΘΗΝΑΙ, 2.— Τον καθορισμόν χρόνου μεταφοράς βιομηχανικών εγκαταστάσεων επί αναγκαστικών απαλλοτριώσεων ζητούν οι βιομήχανοι.
ΑΘΗΝΑΙ, 2.— Τον καθορισμόν χρόνου μεταφοράς βιομηχανικών εγκαταστάσεων επί αναγκαστικών απαλλοτριώσεων ζητούν οι βιομήχανοι. ΑΘΗΝΑΙ, 2.— Τον καθορισμόν χρόνου μεταφοράς βιομηχανικών εγκαταστάσεων επί αναγκαστικών απαλλοτριώσεων ζητούν οι βιομήχανοι. ΑΘΗΝΑΙ, 2.— Τον καθορισμόν χρόνου μεταφοράς βιομηχανικών εγκαταστάσεων επί αναγκαστικών απαλλοτριώσεων ζητούν οι βιομήχανοι.
Ο ΔΙΟΙΚΗΤΗΣ ΤΗΣ ΑΤΕ ΠΑΡΑΚΟΛΟΥΘΕΙ ΠΡΟΣΩΠΙΚΩΣ ΤΗΝ ΧΟΡΗΓΗΣΙΝ ΔΑΝΕΙΩΝ ΕΙΣ ΒΑΜΒΑΚΟΠΑΡΑΓΩΓΟΥΣ
ΑΘΗΝΑΙ, 2.— Ο διοικητής της Αγροτικής Τραπέζης παρακολουθεί προσωπικώς την χορήγησιν δανείων εις τους βαμβακοπαραγωγούς.
ΑΘΗΝΑΙ, 2.— Ο διοικητής της Αγροτικής Τραπέζης παρακολουθεί προσωπικώς την χορήγησιν δανείων εις τους βαμβακοπαραγωγούς. ΑΘΗΝΑΙ, 2.— Ο διοικητής της Αγροτικής Τραπέζης παρακολουθεί προσωπικώς την χορήγησιν δανείων εις τους βαμβακοπαραγωγούς. ΑΘΗΝΑΙ, 2.— Ο διοικητής της Αγροτικής Τραπέζης παρακολουθεί προσωπικώς την χορήγησιν δανείων εις τους βαμβακοπαραγωγούς.
ΤΟ ΙΠΤΑΜΕΝΟΝ ΠΡΟΣΩΠΙΚΟΝ ΤΗΣ «ΟΛΥΜΠΙΑΚΗΣ» ΖΗΤΕΙ ΤΗΝ ΑΝΑΠΡΟΣΑΡΜΟΓΗΝ ΤΟΥ ΜΙΣΘΟΛΟΓΙΟΥ ΤΟΥ
ΑΘΗΝΑΙ, 2.— Εγνώσθη ότι το ιπτάμενον προσωπικόν της Ολυμπιακής ζητεί την αναπροσαρμογήν του μισθολογίου του.
ΑΘΗΝΑΙ, 2.— Εγνώσθη ότι το ιπτάμενον προσωπικόν της Ολυμπιακής ζητεί την αναπροσαρμογήν του μισθολογίου του. ΑΘΗΝΑΙ, 2.— Εγνώσθη ότι το ιπτάμενον προσωπικόν της Ολυμπιακής ζητεί την αναπροσαρμογήν του μισθολογίου του. ΑΘΗΝΑΙ, 2.— Εγνώσθη ότι το ιπτάμενον προσωπικόν της Ολυμπιακής ζητεί την αναπροσαρμογήν του μισθολογίου του.
ΜΙΚΡΑΙ ΕΙΔΗΣΕΙΣ ΕΞ ΑΘΗΝΩΝ
ΑΘΗΝΑΙ, 2.— Ο υπουργός εξωτερικών ανεχώρησε δια την Νέαν Υόρκην. Ο υφυπουργός Εμπορίου εδέχθη αντιπροσωπείαν εμπόρων.
ΑΘΗΝΑΙ, 2.— Ο υπουργός εξωτερικών ανεχώρησε δια την Νέαν Υόρκην. Ο υφυπουργός Εμπορίου εδέχθη αντιπροσωπείαν εμπόρων. ΑΘΗΝΑΙ, 2.— Ο υπουργός εξωτερικών ανεχώρησε δια την Νέαν Υόρκην. Ο υφυπουργός Εμπορίου εδέχθη αντιπροσωπείαν εμπόρων. ΑΘΗΝΑΙ, 2.— Ο υπουργός εξωτερικών ανεχώρησε δια την Νέαν Υόρκην. Ο υφυπουργός Εμπορίου εδέχθη αντιπροσωπείαν εμπόρων.
ΜΙΚΡΑΙ ΕΓΧΩΡΙΑΙ ΕΙΔΗΣΕΙΣ
Υπό του συνόλου απολυθέντων ανέκ του στρατού συνεστήθη σωματείον. Ο δήμος Θεσσαλονίκης ανακοινώνει τα ωράρια των καταστημάτων.
Υπό του συνόλου απολυθέντων ανέκ του στρατού συνεστήθη σωματείον. Ο δήμος Θεσσαλονίκης ανακοινώνει τα ωράρια των καταστημάτων. Υπό του συνόλου απολυθέντων ανέκ του στρατού συνεστήθη σωματείον. Ο δήμος Θεσσαλονίκης ανακοινώνει τα ωράρια των καταστημάτων. Υπό του συνόλου απολυθέντων ανέκ του στρατού συνεστήθη σωματείον. Ο δήμος Θεσσαλονίκης ανακοινώνει τα ωράρια των καταστημάτων.
Η ΚΙΝΗΣΙΣ ΤΩΝ ΕΡΓΑΤΙΚΩΝ ΟΡΓΑΝΩΣΕΩΝ
Εις συνέλευσιν των μελών του συνδικάτου οικοδόμων συνεζητήθησαν τα τρέχοντα ζητήματα.
Εις συνέλευσιν των μελών του συνδικάτου οικοδόμων συνεζητήθησαν τα τρέχοντα ζητήματα. Εις συνέλευσιν των μελών του συνδικάτου οικοδόμων συνεζητήθησαν τα τρέχοντα ζητήματα. Εις συνέλευσιν των μελών του συνδικάτου οικοδόμων συνεζητήθησαν τα τρέχοντα ζητήματα.
Η ΑΣΦΑΛΙΣΙΣ ΕΙΣ ΤΟ ΝΑΤ ΤΩΝ ΝΑΥΤΟΛΟΓΗΜΕΝΩΝ ΕΙΣ ΕΛΛΗΝΙΚΑ ΣΚΑΦΗ ΥΠΟ ΞΕΝΑΣ ΣΗΜΑΙΑΣ
ΑΘΗΝΑΙ, 2.— Ο υπουργός εμπορικής ναυτιλίας ανεκοίνωσεν ότι οι ναυτολογημένοι εις ελληνικά σκάφη υπό ξένας σημαίας θα ασφαλίζονται εις το ΝΑΤ.
ΑΘΗΝΑΙ, 2.— Ο υπουργός εμπορικής ναυτιλίας ανεκοίνωσεν ότι οι ναυτολογημένοι εις ελληνικά σκάφη υπό ξένας σημαίας θα ασφαλίζονται εις το ΝΑΤ. ΑΘΗΝΑΙ, 2.— Ο υπουργός εμπορικής ναυτιλίας ανεκοίνωσεν ότι οι ναυτολογημένοι εις ελληνικά σκάφη υπό ξένας σημαίας θα ασφαλίζονται εις το ΝΑΤ. ΑΘΗΝΑΙ, 2.— Ο υπουργός εμπορικής ναυτιλίας ανεκοίνωσεν ότι οι ναυτολογημένοι εις ελληνικά σκάφη υπό ξένας σημαίας θα ασφαλίζονται εις το ΝΑΤ.
ΤΑ ΕΚΚΡΕΜΟΥΝΤΑ ΠΟΛΕΟΔΟΜΙΚΑ ΘΕΜΑΤΑ ΤΗΣ ΘΕΣΣΑΛΟΝΙΚΗΣ
ΑΘΗΝΑΙ, 2.— Κατ' ένολην του υφυπουργού Βορείου Ελλάδος εξετάζονται τα εκκρεμούντα πολεοδομικά θέματα της Θεσσαλονίκης.
ΑΘΗΝΑΙ, 2.— Κατ' ένολην του υφυπουργού Βορείου Ελλάδος εξετάζονται τα εκκρεμούντα πολεοδομικά θέματα της Θεσσαλονίκης. ΑΘΗΝΑΙ, 2.— Κατ' ένολην του υφυπουργού Βορείου Ελλάδος εξετάζονται τα εκκρεμούντα πολεοδομικά θέματα της Θεσσαλονίκης. ΑΘΗΝΑΙ, 2.— Κατ' ένολην του υφυπουργού Βορείου Ελλάδος εξετάζονται τα εκκρεμούντα πολεοδομικά θέματα της Θεσσαλονίκης.
Ο Κ. ΣΤΕΦΑΝΟΠΟΥΛΟΣ ΣΥΝΕΙΡΓΑΣΘΗ ΜΕΤΑ ΤΟΥ Κ. ΤΟΥΜΠΑ
ΑΘΗΝΑΙ, 2.— Ο πρόεδρος της κυβερνήσεως συνειργάσθη σήμερον μετά του υπουργού των εσωτερικών κ. Τούμπα.
ΑΘΗΝΑΙ, 2.— Ο πρόεδρος της κυβερνήσεως συνειργάσθη σήμερον μετά του υπουργού των εσωτερικών κ. Τούμπα. ΑΘΗΝΑΙ, 2.— Ο πρόεδρος της κυβερνήσεως συνειργάσθη σήμερον μετά του υπουργού των εσωτερικών κ. Τούμπα. ΑΘΗΝΑΙ, 2.— Ο πρόεδρος της κυβερνήσεως συνειργάσθη σήμερον μετά του υπουργού των εσωτερικών κ. Τούμπα.
ΔΙΕΥΚΟΛΥΝΣΕΙΣ ΖΗΤΟΥΝ ΑΥΤΟΚΙΝΗΤΙΣΤΑΙ ΑΓΟΝΩΝ ΓΡΑΜΜΩΝ
Οι αυτοκινητισταί των αγόνων γραμμών ζητούν διευκολύνσεις εκ μέρους του υπουργείου συγκοινωνιών.
Οι αυτοκινητισταί των αγόνων γραμμών ζητούν διευκολύνσεις εκ μέρους του υπουργείου συγκοινωνιών. Οι αυτοκινητισταί των αγόνων γραμμών ζητούν διευκολύνσεις εκ μέρους του υπουργείου συγκοινωνιών. Οι αυτοκινητισταί των αγόνων γραμμών ζητούν διευκολύνσεις εκ μέρους του υπουργείου συγκοινωνιών.
ΕΚΛΟΠΗΣΑΝ ΠΑΙΔΙΑ ΥΠΟ ΤΗΝ ΑΠΕΙΛΗΝ ΟΤΙ ΘΑ ΤΟΝ ΣΚΟΤΩΣΟΥΝ
ΑΘΗΝΑΙ, 2.— Υπό του αστυνομικού τμήματος συνελήφθησαν δύο νεαροί.
ΑΘΗΝΑΙ, 2.— Υπό του αστυνομικού τμήματος συνελήφθησαν δύο νεαροί. ΑΘΗΝΑΙ, 2.— Υπό του αστυνομικού τμήματος συνελήφθησαν δύο νεαροί. ΑΘΗΝΑΙ, 2.— Υπό του αστυνομικού τμήματος συνελήφθησαν δύο νεαροί.
ΤΑΡΑΓΟΝΤΕΣ ΤΗΣ ΚΑΤΕΡΙΝΗΣ ΔΙΑΜΑΡΤΥΡΟΝΤΑΙ ΔΙΑ ΤΑΣ ΣΥΛΛΗΨΕΙΣ
ΚΑΤΕΡΙΝΗ, 2.— Υπό των καπνεμπόρων της Κατερίνης διαμαρτυρία δια τας συλλήψεις.
ΚΑΤΕΡΙΝΗ, 2.— Υπό των καπνεμπόρων της Κατερίνης διαμαρτυρία δια τας συλλήψεις. ΚΑΤΕΡΙΝΗ, 2.— Υπό των καπνεμπόρων της Κατερίνης διαμαρτυρία δια τας συλλήψεις. ΚΑΤΕΡΙΝΗ, 2.— Υπό των καπνεμπόρων της Κατερίνης διαμαρτυρία δια τας συλλήψεις.
ΜΗΝΥΤΑΙ ΚΑΤ' ΑΓΝΩΣΤΩΝ ΔΙΑ ΤΗΝ ΑΦΑΙΡΕΣΙΝ ΤΗΣ ΠΙΝΑΚΙΔΟΣ
Αντιπρόσωπός του ηλεκτρομηχανικού συνεργείου ενεχείρησε μήνυσιν κατ' αγνώστων.
Αντιπρόσωπός του ηλεκτρομηχανικού συνεργείου ενεχείρησε μήνυσιν κατ' αγνώστων. Αντιπρόσωπός του ηλεκτρομηχανικού συνεργείου ενεχείρησε μήνυσιν κατ' αγνώστων. Αντιπρόσωπός του ηλεκτρομηχανικού συνεργείου ενεχείρησε μήνυσιν κατ' αγνώστων.
ΠΟΙΩΝ ΕΙΔΩΝ ΣΥΣΚΕΥΑΣΙΑ ΕΙΝΑΙ ΑΠΑΡΑΙΤΗΤΟΣ ΔΙΑ ΤΗΝ ΕΙΣΑΓΩΓΗΝ
ΑΘΗΝΑΙ, 2.— Δι' αποφάσεως του υπουργείου Εμπορίου καθορίζεται η συσκευασία ειδών εισαγωγής.
ΑΘΗΝΑΙ, 2.— Δι' αποφάσεως του υπουργείου Εμπορίου καθορίζεται η συσκευασία ειδών εισαγωγής. ΑΘΗΝΑΙ, 2.— Δι' αποφάσεως του υπουργείου Εμπορίου καθορίζεται η συσκευασία ειδών εισαγωγής. ΑΘΗΝΑΙ, 2.— Δι' αποφάσεως του υπουργείου Εμπορίου καθορίζεται η συσκευασία ειδών εισαγωγής.
Η ΤΙΜΗ ΤΟΥ ΣΙΤΟΥ ΔΙ ΑΛΕΥΡΟΠΟΙΗΣΙΝ
ΑΘΗΝΑΙ, 2.— Δια την αλευροποίησιν καθορίζεται η τιμή του σίτου.
ΑΘΗΝΑΙ, 2.— Δια την αλευροποίησιν καθορίζεται η τιμή του σίτου. ΑΘΗΝΑΙ, 2.— Δια την αλευροποίησιν καθορίζεται η τιμή του σίτου. ΑΘΗΝΑΙ, 2.— Δια την αλευροποίησιν καθορίζεται η τιμή του σίτου.
Η ΕΙΣΑΓΩΓΗ ΒΟΟΕΙΔΩΝ ΕΙΣ ΤΗΝ ΑΛΕΞΑΝΔΡΕΙΑΝ
ΑΘΗΝΑΙ, 2.— Το υπουργείον Γεωργίας ενέκρινε την εισαγωγήν βοοειδών.
ΑΘΗΝΑΙ, 2.— Το υπουργείον Γεωργίας ενέκρινε την εισαγωγήν βοοειδών. ΑΘΗΝΑΙ, 2.— Το υπουργείον Γεωργίας ενέκρινε την εισαγωγήν βοοειδών. ΑΘΗΝΑΙ, 2.— Το υπουργείον Γεωργίας ενέκρινε την εισαγωγήν βοοειδών.
ΔΙΑΚΟΠΗ ΤΗΣ ΡΕΥΣΕΩΣ ΕΙΣ ΤΗΝ ΚΑΤΟΡΙΑΝ
Ανακοινούται ότι την 4ην του μηνός θα διακοπή η ρεύσις του ηλεκτρικού.
Ανακοινούται ότι την 4ην του μηνός θα διακοπή η ρεύσις του ηλεκτρικού. Ανακοινούται ότι την 4ην του μηνός θα διακοπή η ρεύσις του ηλεκτρικού. Ανακοινούται ότι την 4ην του μηνός θα διακοπή η ρεύσις του ηλεκτρικού.
ΙΔΡΥΣΑΙ ΕΡΓΟΣΤΑΣΙΟΝ ΕΙΣ ΤΟΝ ΦΑΛΑΚΡΟΝ
ΑΘΗΝΑΙ, 2.— Εγκρίθη δι' αποφάσεως η ίδρυσις εργοστασίου.
ΑΘΗΝΑΙ, 2.— Εγκρίθη δι' αποφάσεως η ίδρυσις εργοστασίου. ΑΘΗΝΑΙ, 2.— Εγκρίθη δι' αποφάσεως η ίδρυσις εργοστασίου. ΑΘΗΝΑΙ, 2.— Εγκρίθη δι' αποφάσεως η ίδρυσις εργοστασίου.
ΚΑΤΑΔΙΚΗ ΕΠΙ ΑΙΣΧΡΑ
Κατεδικάσθη υπό του πλημμελειοδικείου.
Κατεδικάσθη υπό του πλημμελειοδικείου. Κατεδικάσθη υπό του πλημμελειοδικείου. Κατεδικάσθη υπό του πλημμελειοδικείου.
ΟΙ ΔΙΔΑΣΚΑΛΟΙ ΚΙΛΚΙΣ
ΚΙΛΚΙΣ, 2.— Συνήλθον εις γενικήν συνέλευσιν οι διδάσκαλοι της περιφερείας.
ΚΙΛΚΙΣ, 2.— Συνήλθον εις γενικήν συνέλευσιν οι διδάσκαλοι της περιφερείας. ΚΙΛΚΙΣ, 2.— Συνήλθον εις γενικήν συνέλευσιν οι διδάσκαλοι της περιφερείας. ΚΙΛΚΙΣ, 2.— Συνήλθον εις γενικήν συνέλευσιν οι διδάσκαλοι της περιφερείας.
ΔΟΚΙΜΟΙ ΛΙΜΕΝΙΚΟΙ
ΑΘΗΝΑΙ, 2.— Ανακοινούνται τα ονόματα των δοκίμων λιμενικών.
ΑΘΗΝΑΙ, 2.— Ανακοινούνται τα ονόματα των δοκίμων λιμενικών. ΑΘΗΝΑΙ, 2.— Ανακοινούνται τα ονόματα των δοκίμων λιμενικών. ΑΘΗΝΑΙ, 2.— Ανακοινούνται τα ονόματα των δοκίμων λιμενικών.
Η ΣΟΒ. ΕΝΩΣΙΣ ΚΑΤΑ ΤΑΣ ΗΝΩΜ. ΠΟΛΙΤΕΙΑΣ ΠΑΡΑΒΙΑΖΕΙ ΤΗΝ ΜΕΤΑΞΥ ΤΩΝ ΔΥΟ ΧΩΡΩΝ ΥΠΟΓΡΑΦΕΙΣΑΝ ΜΟΡΦΩΤΙΚΗΝ ΣΥΜΦΩΝΙΑΝ
ΜΟΣΧΑ, 2. (Ασ. Πρέσ).— Αι Ηνωμέναι Πολιτείαι κατηγορούν την Σοβιετικήν Ένωσιν ότι παραβιάζει την μεταξύ των δύο χωρών υπογραφείσαν μορφωτικήν συμφωνίαν.
ΜΟΣΧΑ, 2. (Ασ. Πρέσ).— Αι Ηνωμέναι Πολιτείαι κατηγορούν την Σοβιετικήν Ένωσιν ότι παραβιάζει την μεταξύ των δύο χωρών υπογραφείσαν μορφωτικήν συμφωνίαν. ΜΟΣΧΑ, 2. (Ασ. Πρέσ).— Αι Ηνωμέναι Πολιτείαι κατηγορούν την Σοβιετικήν Ένωσιν ότι παραβιάζει την μεταξύ των δύο χωρών υπογραφείσαν μορφωτικήν συμφωνίαν. ΜΟΣΧΑ, 2. (Ασ. Πρέσ).— Αι Ηνωμέναι Πολιτείαι κατηγορούν την Σοβιετικήν Ένωσιν ότι παραβιάζει την μεταξύ των δύο χωρών υπογραφείσαν μορφωτικήν συμφωνίαν.
Ο Κ. ΟΥ-Ι-ΛΣΩΝ ΣΥΝΕΚΑΛΕΣΕΝ ΥΠΟΥΡΓΙΚΟΝ ΣΥΜΒΟΥΛΙΟΝ ΠΡΟΣ ΕΝΗΜΕΡΩΣΙΝ ΤΟΥ ΕΙΣ ΤΟ ΘΕΜΑ ΤΗΣ ΡΟΔΕΣΙΑΣ
ΛΟΝΔΙΝΟΝ, 2. (Ρώυτερ).— Ο Βρεταννός πρωθυπουργός κ. Ουίλσων συνεκάλεσεν υπουργικόν συμβούλιον.
ΛΟΝΔΙΝΟΝ, 2. (Ρώυτερ).— Ο Βρεταννός πρωθυπουργός κ. Ουίλσων συνεκάλεσεν υπουργικόν συμβούλιον. ΛΟΝΔΙΝΟΝ, 2. (Ρώυτερ).— Ο Βρεταννός πρωθυπουργός κ. Ουίλσων συνεκάλεσεν υπουργικόν συμβούλιον. ΛΟΝΔΙΝΟΝ, 2. (Ρώυτερ).— Ο Βρεταννός πρωθυπουργός κ. Ουίλσων συνεκάλεσεν υπουργικόν συμβούλιον.
ΣΧΟΛΙΑ ΤΗΣ «ΠΡΑΒΔΑ»
ΜΟΣΧΑ, 2. (Ρώυτερ).— Η σοβιετική εφημερίς Πράβδα σχολιάζει τας εξελίξεις.
ΜΟΣΧΑ, 2. (Ρώυτερ).— Η σοβιετική εφημερίς Πράβδα σχολιάζει τας εξελίξεις. ΜΟΣΧΑ, 2. (Ρώυτερ).— Η σοβιετική εφημερίς Πράβδα σχολιάζει τας εξελίξεις. ΜΟΣΧΑ, 2. (Ρώυτερ).— Η σοβιετική εφημερίς Πράβδα σχολιάζει τας εξελίξεις.
Ο ΒΑΣΙΛΕΥΣ ΑΠΩΛΕΣΕΝ ΕΙΣ ΛΟΝΔΙΝΟΝ ΤΟΝ ΣΟΦΦΕΡ ΤΟΥ ΚΑΙ ΗΝΑΓΚΑΣΘΗ ΝΑ ΧΡΗΣΙΜΟΠΟΙΗΣΗ ΛΕΩΦΟΡΕΙΟΝ
ΛΟΝΔΙΝΟΝ, 2. (Ασ. Πρέσ).— Ο βασιλεύς απώλεσεν εις το Λονδίνον τον σωφέρ του.
ΛΟΝΔΙΝΟΝ, 2. (Ασ. Πρέσ).— Ο βασιλεύς απώλεσεν εις το Λονδίνον τον σωφέρ του. ΛΟΝΔΙΝΟΝ, 2. (Ασ. Πρέσ).— Ο βασιλεύς απώλεσεν εις το Λονδίνον τον σωφέρ του. ΛΟΝΔΙΝΟΝ, 2. (Ασ. Πρέσ).— Ο βασιλεύς απώλεσεν εις το Λονδίνον τον σωφέρ του.
Ο Κ. ΝΤΗ ΟΜΙΛΩΝ ΕΙΣ ΤΟ ΣΥΝΕΔΡΙΟΝ ΤΩΝ ΑΓΓΛΟΦΩΝΩΝ ΕΞΗΡΕ ΤΑΣ ΣΧΕΣΕΙΣ ΜΕΤΑΞΥ ΑΓΓΛΙΑΣ ΚΑΙ ΑΜΕΡΙΚΗΣ
Η ΡΩΣΣΙΑ ΑΝΤΙΜΕΤΩΠΙΖΕΙ ΕΠΙΤΥΧΩΣ ΤΟ ΣΙΤΑΡΙΚΟΝ ΖΗΤΗΜΑ
ΜΟΣΧΑ, 2. (Υπηρ.).— Κατά γενικήν ομολογίαν η Ρωσσία αντιμετωπίζει επιτυχώς το σιταρικόν ζήτημα.
ΜΟΣΧΑ, 2. (Υπηρ.).— Κατά γενικήν ομολογίαν η Ρωσσία αντιμετωπίζει επιτυχώς το σιταρικόν ζήτημα. ΜΟΣΧΑ, 2. (Υπηρ.).— Κατά γενικήν ομολογίαν η Ρωσσία αντιμετωπίζει επιτυχώς το σιταρικόν ζήτημα. ΜΟΣΧΑ, 2. (Υπηρ.).— Κατά γενικήν ομολογίαν η Ρωσσία αντιμετωπίζει επιτυχώς το σιταρικόν ζήτημα.
Η ΕΛΙΖΑΒΕΤ ΕΔΕΧΘΗ ΤΟΝ ΣΟΥΛΔΑΝΟΝ ΓΑΛΑΝΤΙ
ΛΟΝΔΙΝΟΝ, 2. (Ρώυτερ).— Η βασίλισσα της Αγγλίας Ελισάβετ εδέχθη τον Σουλδάνον.
ΛΟΝΔΙΝΟΝ, 2. (Ρώυτερ).— Η βασίλισσα της Αγγλίας Ελισάβετ εδέχθη τον Σουλδάνον. ΛΟΝΔΙΝΟΝ, 2. (Ρώυτερ).— Η βασίλισσα της Αγγλίας Ελισάβετ εδέχθη τον Σουλδάνον. ΛΟΝΔΙΝΟΝ, 2. (Ρώυτερ).— Η βασίλισσα της Αγγλίας Ελισάβετ εδέχθη τον Σουλδάνον.
ΚΑΘΟΛΙΚΗ ΟΡΓΑΝΩΣΙΣ ΕΠΙΚΡΙΝΕΙ ΤΗΝ ΠΟΡΤΟΓΑΛΙΑΝ ΔΙΑ ΤΗΝ ΠΟΛΙΤΙΚΗΝ ΤΗΣ ΕΝΑΝΤΙ ΤΩΝ ΚΤΗΣΕΩΝ
ΛΙΣΣΑΒΩΝ, 2. (Ρώυτερ).— Καθολική οργάνωσις επικρίνει την πορτογαλικήν πολιτικήν.
ΛΙΣΣΑΒΩΝ, 2. (Ρώυτερ).— Καθολική οργάνωσις επικρίνει την πορτογαλικήν πολιτικήν. ΛΙΣΣΑΒΩΝ, 2. (Ρώυτερ).— Καθολική οργάνωσις επικρίνει την πορτογαλικήν πολιτικήν. ΛΙΣΣΑΒΩΝ, 2. (Ρώυτερ).— Καθολική οργάνωσις επικρίνει την πορτογαλικήν πολιτικήν.
Ο ΒΑΣΙΛΕΥΣ ΤΟΥ ΜΑΡΟΚΟΥ ΔΙΑ ΓΕΝΝΑΙΑΣ ΔΩΡΕΑΣ ΕΣΩΣΕ ΤΑ ΟΡΦΑΝΑ ΠΑΙΔΙΑ ΤΗΣ ΖΟΣΕΦΙΝΑΣ ΜΠΑΙΚΕΡ
ΠΑΡΙΣΙΟΙ, 2. (Ρώυτερ).— Ο βασιλεύς του Μαρόκου δια γενναίας δωρεάς έσωσε τα ορφανά.
ΠΑΡΙΣΙΟΙ, 2. (Ρώυτερ).— Ο βασιλεύς του Μαρόκου δια γενναίας δωρεάς έσωσε τα ορφανά. ΠΑΡΙΣΙΟΙ, 2. (Ρώυτερ).— Ο βασιλεύς του Μαρόκου δια γενναίας δωρεάς έσωσε τα ορφανά. ΠΑΡΙΣΙΟΙ, 2. (Ρώυτερ).— Ο βασιλεύς του Μαρόκου δια γενναίας δωρεάς έσωσε τα ορφανά.
ΔΥΟ ΓΑΛΛΟΙ ΚΑΤΕΔΙΚΑΣΘΗΣΑΝ ΕΙΣ ΠΟΛΥΕΤΗ ΦΥΛΑΚΙΣΙΝ ΔΙΟΤΙ ΕΝΗΡΓΟΥΝ ΚΑΤΑΣΚΟΠΕΙΑΝ ΕΙΣ ΒΑΡΟΣ ΤΟΥ ΣΙΑΜ
ΜΠΑΓΚΟΚ, 2. (Ρώυτερ).— Δύο Γάλλοι κατεδικάσθησαν εις πολυετή φυλάκισιν.
ΜΠΑΓΚΟΚ, 2. (Ρώυτερ).— Δύο Γάλλοι κατεδικάσθησαν εις πολυετή φυλάκισιν. ΜΠΑΓΚΟΚ, 2. (Ρώυτερ).— Δύο Γάλλοι κατεδικάσθησαν εις πολυετή φυλάκισιν. ΜΠΑΓΚΟΚ, 2. (Ρώυτερ).— Δύο Γάλλοι κατεδικάσθησαν εις πολυετή φυλάκισιν.
Ο ΡΟΥΜΑΝΙΚΟΣ ΤΥΠΟΣ ΑΣΧΟΛΕΙΤΑΙ ΔΙΑ ΜΑΚΡΩΝ ΜΕ ΤΗΝ ΕΠΕΤΕΙΟΝ ΤΗΣ ΕΘΝΙΚΗΣ ΕΟΡΤΗΣ ΤΗΣ ΑΙΘΙΟΠΙΑΣ
ΒΟΥΚΟΥΡΕΣΤΙΟΝ, 2. (Τας).— Ο ρουμανικός τύπος ασχολείται δια μακρών με την επέτειον.
ΒΟΥΚΟΥΡΕΣΤΙΟΝ, 2. (Τας).— Ο ρουμανικός τύπος ασχολείται δια μακρών με την επέτειον. ΒΟΥΚΟΥΡΕΣΤΙΟΝ, 2. (Τας).— Ο ρουμανικός τύπος ασχολείται δια μακρών με την επέτειον. ΒΟΥΚΟΥΡΕΣΤΙΟΝ, 2. (Τας).— Ο ρουμανικός τύπος ασχολείται δια μακρών με την επέτειον.
ΚΙΝΕΖΟΣ ΚΑΜΠΟΥΡΗΣ ΚΑΤΕΣΤΗ ΕΥΘΥΤΕΝΗΣ ΚΑΤΟΠΙΝ ΛΕΠΤΗΣ ΧΕΙΡΟΥΡΓΙΚΗΣ ΕΠΕΜΒΑΣΕΩΣ
ΤΟΚΙΟ, 2. (Ασ. Πρέσ).— Κινέζος καμπούρης κατέστη ευθυτενής κατόπιν χειρουργικής επεμβάσεως.
ΤΟΚΙΟ, 2. (Ασ. Πρέσ).— Κινέζος καμπούρης κατέστη ευθυτενής κατόπιν χειρουργικής επεμβάσεως. ΤΟΚΙΟ, 2. (Ασ. Πρέσ).— Κινέζος καμπούρης κατέστη ευθυτενής κατόπιν χειρουργικής επεμβάσεως. ΤΟΚΙΟ, 2. (Ασ. Πρέσ).— Κινέζος καμπούρης κατέστη ευθυτενής κατόπιν χειρουργικής επεμβάσεως.
Ο ΠΟΜΟΝ ΚΕΝΥΑΤΑ ΔΙΑΨΕΥΔΕΙ ΟΤΙ Η ΚΕΝΥΑ ΘΑ ΚΑΤΑΣΤΗ ΜΟΝΟΚΟΜΜΑΤΙΚΟΝ ΚΡΑΤΟΣ
ΝΑΙΡΟΜΠΙ, 2. (Ρώυτερ).— Ο πρωθυπουργός της Κένυας διαψεύδει ότι η χώρα θα καταστή μονοκομματικόν κράτος.
ΝΑΙΡΟΜΠΙ, 2. (Ρώυτερ).— Ο πρωθυπουργός της Κένυας διαψεύδει ότι η χώρα θα καταστή μονοκομματικόν κράτος. ΝΑΙΡΟΜΠΙ, 2. (Ρώυτερ).— Ο πρωθυπουργός της Κένυας διαψεύδει ότι η χώρα θα καταστή μονοκομματικόν κράτος. ΝΑΙΡΟΜΠΙ, 2. (Ρώυτερ).— Ο πρωθυπουργός της Κένυας διαψεύδει ότι η χώρα θα καταστή μονοκομματικόν κράτος.
